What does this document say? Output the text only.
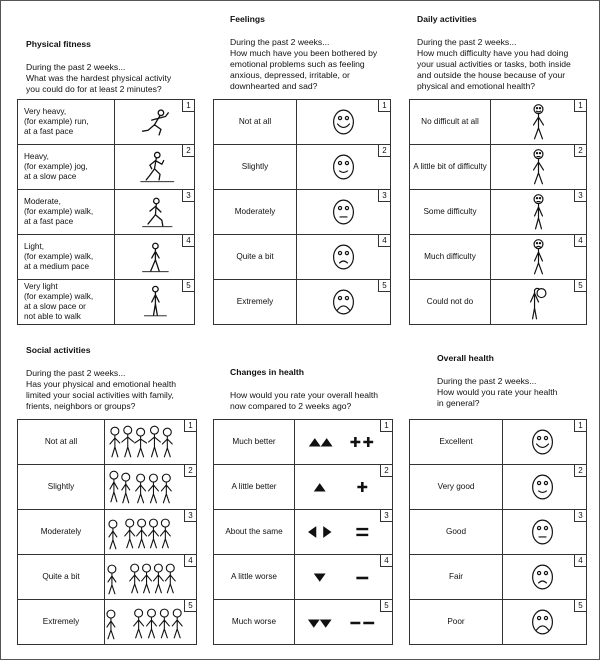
Physical fitness
During the past 2 weeks...
What was the hardest physical activity
you could do for at least 2 minutes?
Very heavy,
(for example) run,
at a fast pace
1
Heavy,
(for example) jog,
at a slow pace
2
Moderate,
(for example) walk,
at a fast pace
3
Light,
(for example) walk,
at a medium pace
4
Very light
(for example) walk,
at a slow pace or
not able to walk
5
Feelings
During the past 2 weeks...
How much have you been bothered by
emotional problems such as feeling
anxious, depressed, irritable, or
downhearted and sad?
Not at all
1
Slightly
2
Moderately
3
Quite a bit
4
Extremely
5
Daily activities
During the past 2 weeks...
How much difficulty have you had doing
your usual activities or tasks, both inside
and outside the house because of your
physical and emotional health?
No difficult at all
1
A little bit of difficulty
2
Some difficulty
3
Much difficulty
4
Could not do
5
Social activities
During the past 2 weeks...
Has your physical and emotional health
limited your social activities with family,
frients, neighbors or groups?
Not at all
1
Slightly
2
Moderately
3
Quite a bit
4
Extremely
5
Changes in health
How would you rate your overall health
now compared to 2 weeks ago?
Much better
1
A little better
2
About the same
3
A little worse
4
Much worse
5
Overall health
During the past 2 weeks...
How would you rate your health
in general?
Excellent
1
Very good
2
Good
3
Fair
4
Poor
5
